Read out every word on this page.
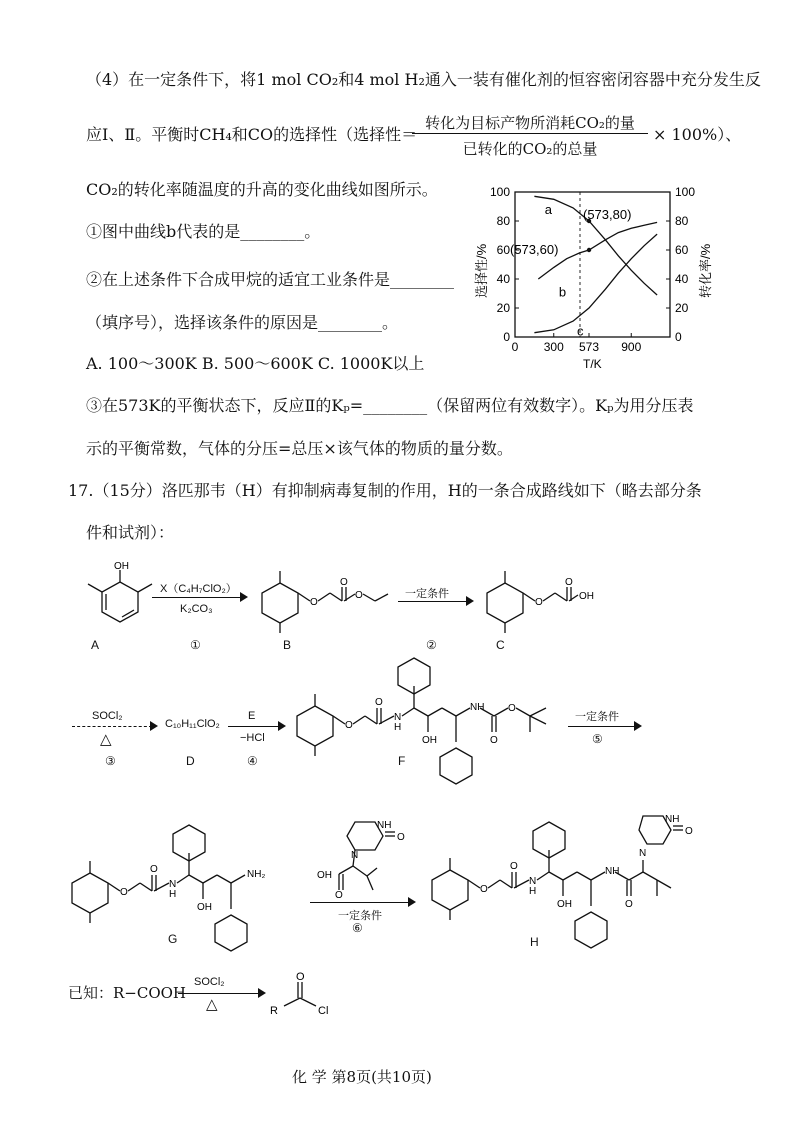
（4）在一定条件下，将1 mol CO₂和4 mol H₂通入一装有催化剂的恒容密闭容器中充分发生反
应Ⅰ、Ⅱ。平衡时CH₄和CO的选择性（选择性＝
转化为目标产物所消耗CO₂的量
已转化的CO₂的总量
× 100%）、
CO₂的转化率随温度的升高的变化曲线如图所示。
①图中曲线b代表的是________。
②在上述条件下合成甲烷的适宜工业条件是________
（填序号），选择该条件的原因是________。
A. 100～300K B. 500～600K C. 1000K以上
③在573K的平衡状态下，反应Ⅱ的Kₚ=________（保留两位有效数字）。Kₚ为用分压表
示的平衡常数，气体的分压=总压×该气体的物质的量分数。
0	0
20	20
40	40
60	60
80	80
100	100
0 300 573 900
a
b
c
(573,80)
(573,60)
T/K
选择性/%	转化率/%
17.（15分）洛匹那韦（H）有抑制病毒复制的作用，H的一条合成路线如下（略去部分条
件和试剂）：
OH
A
X（C₄H₇ClO₂）
K₂CO₃
①
O
O
O
B
一定条件
②
O
O
OH
C
SOCl₂
△
③
C₁₀H₁₁ClO₂
D
E
−HCl
④
O
O
N
H
OH
NH
O
O
F
一定条件
⑤
O
O
N
H
OH
NH₂
G
NH
O
N
OH
O
一定条件
⑥
O
O
N
H
OH
NH
O
N
NH
O
H
已知：R−COOH
SOCl₂
△	R
O
Cl
化 学 第8页(共10页)
